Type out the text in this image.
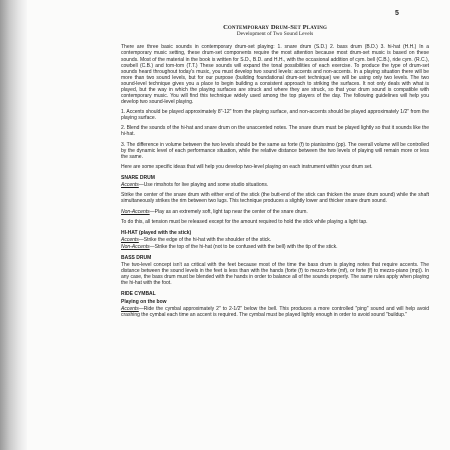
5
Contemporary Drum-Set Playing
Development of Two Sound Levels

There are three basic sounds in contemporary drum-set playing: 1. snare drum (S.D.) 2. bass drum (B.D.) 3. hi-hat (H.H.) In a contemporary music setting, these drum-set components require the most attention because most drum-set music is based on these sounds. Most of the material in the book is written for S.D., B.D. and H.H., with the occasional addition of cym. bell (C.B.), ride cym. (R.C.), cowbell (C.B.) and tom-tom (T.T.) These sounds will expand the tonal possibilities of each exercise. To produce the type of drum-set sounds heard throughout today's music, you must develop two sound levels: accents and non-accents. In a playing situation there will be more than two sound levels, but for our purpose (building foundational drum-set technique) we will be using only two levels. The two sound-level technique gives you a place to begin building a consistent approach to striking the surfaces. It not only deals with what is played, but the way in which the playing surfaces are struck and where they are struck, so that your drum sound is compatible with contemporary music. You will find this technique widely used among the top players of the day. The following guidelines will help you develop two sound-level playing.

1. Accents should be played approximately 8"-12" from the playing surface, and non-accents should be played approximately 1/2" from the playing surface.

2. Blend the sounds of the hi-hat and snare drum on the unaccented notes. The snare drum must be played lightly so that it sounds like the hi-hat.

3. The difference in volume between the two levels should be the same as forte (f) to pianissimo (pp). The overall volume will be controlled by the dynamic level of each performance situation, while the relative distance between the two levels of playing will remain more or less the same.

Here are some specific ideas that will help you develop two-level playing on each instrument within your drum set.

SNARE DRUM

Accents—Use rimshots for live playing and some studio situations.

Strike the center of the snare drum with either end of the stick (the butt-end of the stick can thicken the snare drum sound) while the shaft simultaneously strikes the rim between two lugs. This technique produces a slightly lower and thicker snare drum sound.

Non-Accents—Play as an extremely soft, light tap near the center of the snare drum.

To do this, all tension must be released except for the amount required to hold the stick while playing a light tap.

HI-HAT (played with the stick)

Accents—Strike the edge of the hi-hat with the shoulder of the stick.

Non-Accents—Strike the top of the hi-hat (not to be confused with the bell) with the tip of the stick.

BASS DRUM

The two-level concept isn't as critical with the feet because most of the time the bass drum is playing notes that require accents. The distance between the sound levels in the feet is less than with the hands (forte (f) to mezzo-forte (mf), or forte (f) to mezzo-piano (mp)). In any case, the bass drum must be blended with the hands in order to balance all of the sounds properly. The same rules apply when playing the hi-hat with the foot.

RIDE CYMBAL
Playing on the bow

Accents—Ride the cymbal approximately 2" to 2-1/2" below the bell. This produces a more controlled "ping" sound and will help avoid crashing the cymbal each time an accent is required. The cymbal must be played lightly enough in order to avoid sound "buildup."
